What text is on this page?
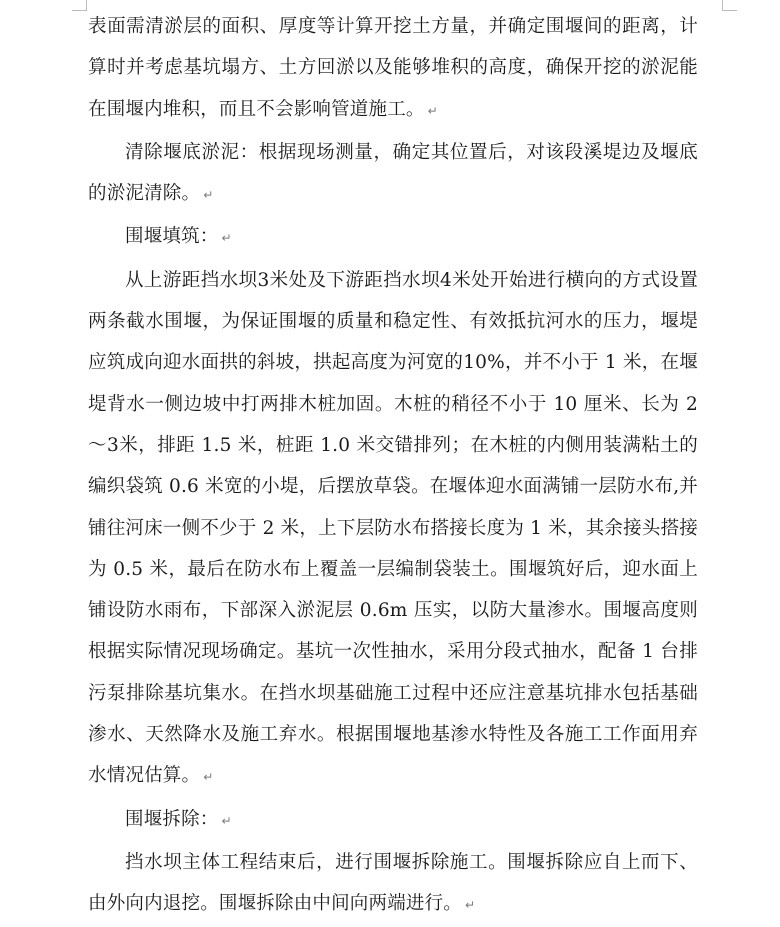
表面需清淤层的面积、厚度等计算开挖土方量，并确定围堰间的距离，计算时并考虑基坑塌方、土方回淤以及能够堆积的高度，确保开挖的淤泥能在围堰内堆积，而且不会影响管道施工。 ↵

清除堰底淤泥：根据现场测量，确定其位置后，对该段溪堤边及堰底的淤泥清除。 ↵

围堰填筑： ↵

从上游距挡水坝3米处及下游距挡水坝4米处开始进行横向的方式设置两条截水围堰，为保证围堰的质量和稳定性、有效抵抗河水的压力，堰堤应筑成向迎水面拱的斜坡，拱起高度为河宽的10%，并不小于 1 米，在堰堤背水一侧边坡中打两排木桩加固。木桩的稍径不小于 10 厘米、长为 2～3米，排距 1.5 米，桩距 1.0 米交错排列；在木桩的内侧用装满粘土的编织袋筑 0.6 米宽的小堤，后摆放草袋。在堰体迎水面满铺一层防水布,并铺往河床一侧不少于 2 米，上下层防水布搭接长度为 1 米，其余接头搭接为 0.5 米，最后在防水布上覆盖一层编制袋装土。围堰筑好后，迎水面上铺设防水雨布，下部深入淤泥层 0.6m 压实，以防大量渗水。围堰高度则根据实际情况现场确定。基坑一次性抽水，采用分段式抽水，配备 1 台排污泵排除基坑集水。在挡水坝基础施工过程中还应注意基坑排水包括基础渗水、天然降水及施工弃水。根据围堰地基渗水特性及各施工工作面用弃水情况估算。 ↵

围堰拆除： ↵

挡水坝主体工程结束后，进行围堰拆除施工。围堰拆除应自上而下、由外向内退挖。围堰拆除由中间向两端进行。 ↵
